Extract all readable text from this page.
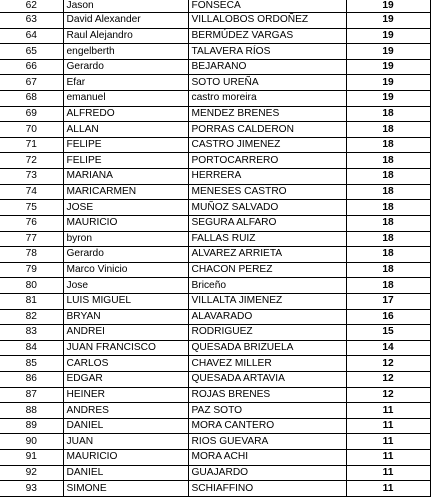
62	Jason	FONSECA	19
63	David Alexander	VILLALOBOS ORDOÑEZ	19
64	Raul Alejandro	BERMÚDEZ VARGAS	19
65	engelberth	TALAVERA RÍOS	19
66	Gerardo	BEJARANO	19
67	Efar	SOTO UREÑA	19
68	emanuel	castro moreira	19
69	ALFREDO	MENDEZ BRENES	18
70	ALLAN	PORRAS CALDERON	18
71	FELIPE	CASTRO JIMENEZ	18
72	FELIPE	PORTOCARRERO	18
73	MARIANA	HERRERA	18
74	MARICARMEN	MENESES CASTRO	18
75	JOSE	MUÑOZ SALVADO	18
76	MAURICIO	SEGURA ALFARO	18
77	byron	FALLAS RUIZ	18
78	Gerardo	ALVAREZ ARRIETA	18
79	Marco Vinicio	CHACON PEREZ	18
80	Jose	Briceño	18
81	LUIS MIGUEL	VILLALTA JIMENEZ	17
82	BRYAN	ALAVARADO	16
83	ANDREI	RODRIGUEZ	15
84	JUAN FRANCISCO	QUESADA BRIZUELA	14
85	CARLOS	CHAVEZ MILLER	12
86	EDGAR	QUESADA ARTAVIA	12
87	HEINER	ROJAS BRENES	12
88	ANDRES	PAZ SOTO	11
89	DANIEL	MORA CANTERO	11
90	JUAN	RIOS GUEVARA	11
91	MAURICIO	MORA ACHI	11
92	DANIEL	GUAJARDO	11
93	SIMONE	SCHIAFFINO	11
